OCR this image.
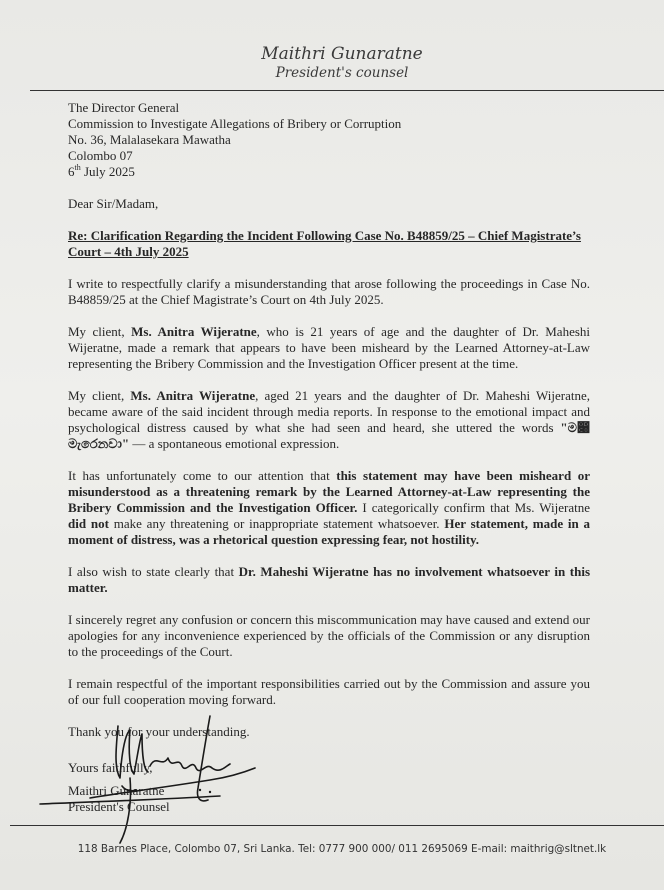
Maithri Gunaratne
President's counsel

The Director General

Commission to Investigate Allegations of Bribery or Corruption

No. 36, Malalasekara Mawatha

Colombo 07

6th July 2025

Dear Sir/Madam,

Re: Clarification Regarding the Incident Following Case No. B48859/25 – Chief Magistrate’s Court – 4th July 2025

I write to respectfully clarify a misunderstanding that arose following the proceedings in Case No. B48859/25 at the Chief Magistrate’s Court on 4th July 2025.

My client, Ms. Anitra Wijeratne, who is 21 years of age and the daughter of Dr. Maheshi Wijeratne, made a remark that appears to have been misheard by the Learned Attorney-at-Law representing the Bribery Commission and the Investigation Officer present at the time.

My client, Ms. Anitra Wijeratne, aged 21 years and the daughter of Dr. Maheshi Wijeratne, became aware of the said incident through media reports. In response to the emotional impact and psychological distress caused by what she had seen and heard, she uttered the words "ම෈ මැරෙනවා" — a spontaneous emotional expression.

It has unfortunately come to our attention that this statement may have been misheard or misunderstood as a threatening remark by the Learned Attorney-at-Law representing the Bribery Commission and the Investigation Officer. I categorically confirm that Ms. Wijeratne did not make any threatening or inappropriate statement whatsoever. Her statement, made in a moment of distress, was a rhetorical question expressing fear, not hostility.

I also wish to state clearly that Dr. Maheshi Wijeratne has no involvement whatsoever in this matter.

I sincerely regret any confusion or concern this miscommunication may have caused and extend our apologies for any inconvenience experienced by the officials of the Commission or any disruption to the proceedings of the Court.

I remain respectful of the important responsibilities carried out by the Commission and assure you of our full cooperation moving forward.

Thank you for your understanding.

Yours faithfully,

Maithri Gunaratne
President's Counsel
118 Barnes Place, Colombo 07, Sri Lanka. Tel: 0777 900 000/ 011 2695069 E-mail: maithrig@sltnet.lk
